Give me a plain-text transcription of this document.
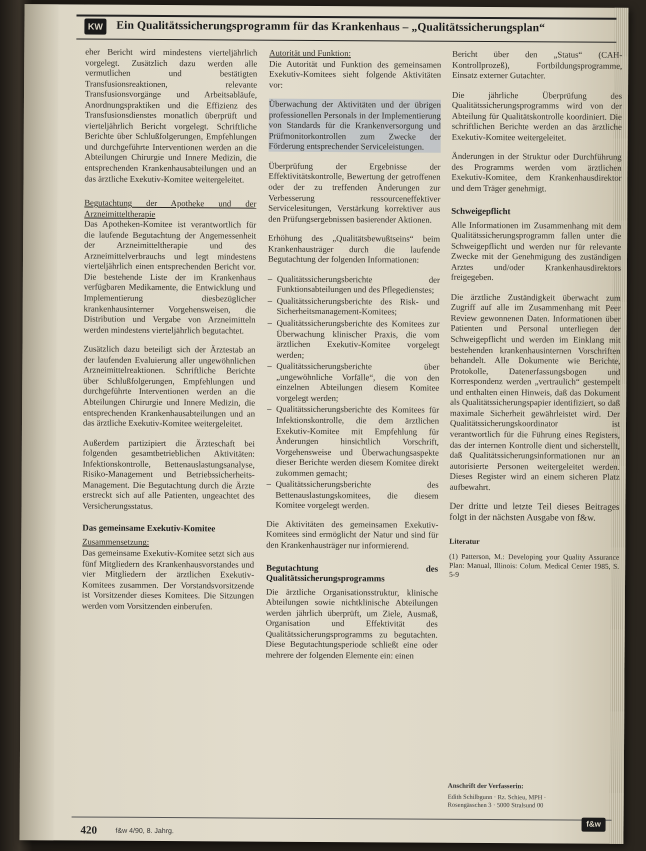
KW	Ein Qualitätssicherungsprogramm für das Krankenhaus – „Qualitätssicherungsplan“

eher Bericht wird mindestens vierteljährlich vorgelegt. Zusätzlich dazu werden alle vermutlichen und bestätigten Transfusionsreaktionen, relevante Transfusionsvorgänge und Arbeitsabläufe, Anordnungspraktiken und die Effizienz des Transfusionsdienstes monatlich überprüft und vierteljährlich Bericht vorgelegt. Schriftliche Berichte über Schlußfolgerungen, Empfehlungen und durchgeführte Interventionen werden an die Abteilungen Chirurgie und Innere Medizin, die entsprechenden Krankenhausabteilungen und an das ärztliche Exekutiv-Komitee weitergeleitet.

Begutachtung der Apotheke und der Arzneimitteltherapie
Das Apotheken-Komitee ist verantwortlich für die laufende Begutachtung der Angemessenheit der Arzneimitteltherapie und des Arzneimittelverbrauchs und legt mindestens vierteljährlich einen entsprechenden Bericht vor. Die bestehende Liste der im Krankenhaus verfügbaren Medikamente, die Entwicklung und Implementierung diesbezüglicher krankenhausinterner Vorgehensweisen, die Distribution und Vergabe von Arzneimitteln werden mindestens vierteljährlich begutachtet.

Zusätzlich dazu beteiligt sich der Ärztestab an der laufenden Evaluierung aller ungewöhnlichen Arzneimittelreaktionen. Schriftliche Berichte über Schlußfolgerungen, Empfehlungen und durchgeführte Interventionen werden an die Abteilungen Chirurgie und Innere Medizin, die entsprechenden Krankenhausabteilungen und an das ärztliche Exekutiv-Komitee weitergeleitet.

Außerdem partizipiert die Ärzteschaft bei folgenden gesamtbetrieblichen Aktivitäten: Infektionskontrolle, Bettenauslastungsanalyse, Risiko-Management und Betriebssicherheits-Management. Die Begutachtung durch die Ärzte erstreckt sich auf alle Patienten, ungeachtet des Versicherungsstatus.

Das gemeinsame Exekutiv-Komitee
Zusammensetzung:

Das gemeinsame Exekutiv-Komitee setzt sich aus fünf Mitgliedern des Krankenhausvorstandes und vier Mitgliedern der ärztlichen Exekutiv-Komitees zusammen. Der Vorstandsvorsitzende ist Vorsitzender dieses Komitees. Die Sitzungen werden vom Vorsitzenden einberufen.

Autorität und Funktion:

Die Autorität und Funktion des gemeinsamen Exekutiv-Komitees sieht folgende Aktivitäten vor:

Überwachung der Aktivitäten und der übrigen professionellen Personals in der Implementierung von Standards für die Krankenversorgung und Prüfmonitorkontrollen zum Zwecke der Förderung entsprechender Serviceleistungen.

Überprüfung der Ergebnisse der Effektivitätskontrolle, Bewertung der getroffenen oder der zu treffenden Änderungen zur Verbesserung ressourceneffektiver Servicelesitungen, Verstärkung korrektiver aus den Prüfungsergebnissen basierender Aktionen.

Erhöhung des „Qualitätsbewußtseins“ beim Krankenhausträger durch die laufende Begutachtung der folgenden Informationen:

– Qualitätssicherungsberichte der Funktionsabteilungen und des Pflegedienstes;
– Qualitätssicherungsberichte des Risk- und Sicherheitsmanagement-Komitees;
– Qualitätssicherungsberichte des Komitees zur Überwachung klinischer Praxis, die vom ärztlichen Exekutiv-Komitee vorgelegt werden;
– Qualitätssicherungsberichte über „ungewöhnliche Vorfälle“, die von den einzelnen Abteilungen diesem Komitee vorgelegt werden;
– Qualitätssicherungsberichte des Komitees für Infektionskontrolle, die dem ärztlichen Exekutiv-Komitee mit Empfehlung für Änderungen hinsichtlich Vorschrift, Vorgehensweise und Überwachungsaspekte dieser Berichte werden diesem Komitee direkt zukommen gemacht;
– Qualitätssicherungsberichte des Bettenauslastungskomitees, die diesem Komitee vorgelegt werden.

Die Aktivitäten des gemeinsamen Exekutiv-Komitees sind ermöglicht der Natur und sind für den Krankenhausträger nur informierend.

Begutachtung des Qualitätssicherungsprogramms

Die ärztliche Organisationsstruktur, klinische Abteilungen sowie nichtklinische Abteilungen werden jährlich überprüft, um Ziele, Ausmaß, Organisation und Effektivität des Qualitätssicherungsprogramms zu begutachten. Diese Begutachtungsperiode schließt eine oder mehrere der folgenden Elemente ein: einen

Bericht über den „Status“ (CAH-Kontrollprozeß), Fortbildungsprogramme, Einsatz externer Gutachter.

Die jährliche Überprüfung des Qualitätssicherungsprogramms wird von der Abteilung für Qualitätskontrolle koordiniert. Die schriftlichen Berichte werden an das ärztliche Exekutiv-Komitee weitergeleitet.

Änderungen in der Struktur oder Durchführung des Programms werden vom ärztlichen Exekutiv-Komitee, dem Krankenhausdirektor und dem Träger genehmigt.

Schweigepflicht

Alle Informationen im Zusammenhang mit dem Qualitätssicherungsprogramm fallen unter die Schweigepflicht und werden nur für relevante Zwecke mit der Genehmigung des zuständigen Arztes und/oder Krankenhausdirektors freigegeben.

Die ärztliche Zuständigkeit überwacht zum Zugriff auf alle im Zusammenhang mit Peer Review gewonnenen Daten. Informationen über Patienten und Personal unterliegen der Schweigepflicht und werden im Einklang mit bestehenden krankenhausinternen Vorschriften behandelt. Alle Dokumente wie Berichte, Protokolle, Datenerfassungsbogen und Korrespondenz werden „vertraulich“ gestempelt und enthalten einen Hinweis, daß das Dokument als Qualitätssicherungspapier identifiziert, so daß maximale Sicherheit gewährleistet wird. Der Qualitätssicherungskoordinator ist verantwortlich für die Führung eines Registers, das der internen Kontrolle dient und sicherstellt, daß Qualitätssicherungsinformationen nur an autorisierte Personen weitergeleitet werden. Dieses Register wird an einem sicheren Platz aufbewahrt.

Der dritte und letzte Teil dieses Beitrages folgt in der nächsten Ausgabe von f&w.

Literatur
(1) Patterson, M.: Developing your Quality Assurance Plan: Manual, Illinois: Colum. Medical Center 1985, S. 5-9
Anschrift der Verfasserin:
Edith Schilbgunn · Rz. Schieu, MPH · Rosengässchen 3 · 5000 Stralsund 00
420	f&w 4/90, 8. Jahrg.
f&w
